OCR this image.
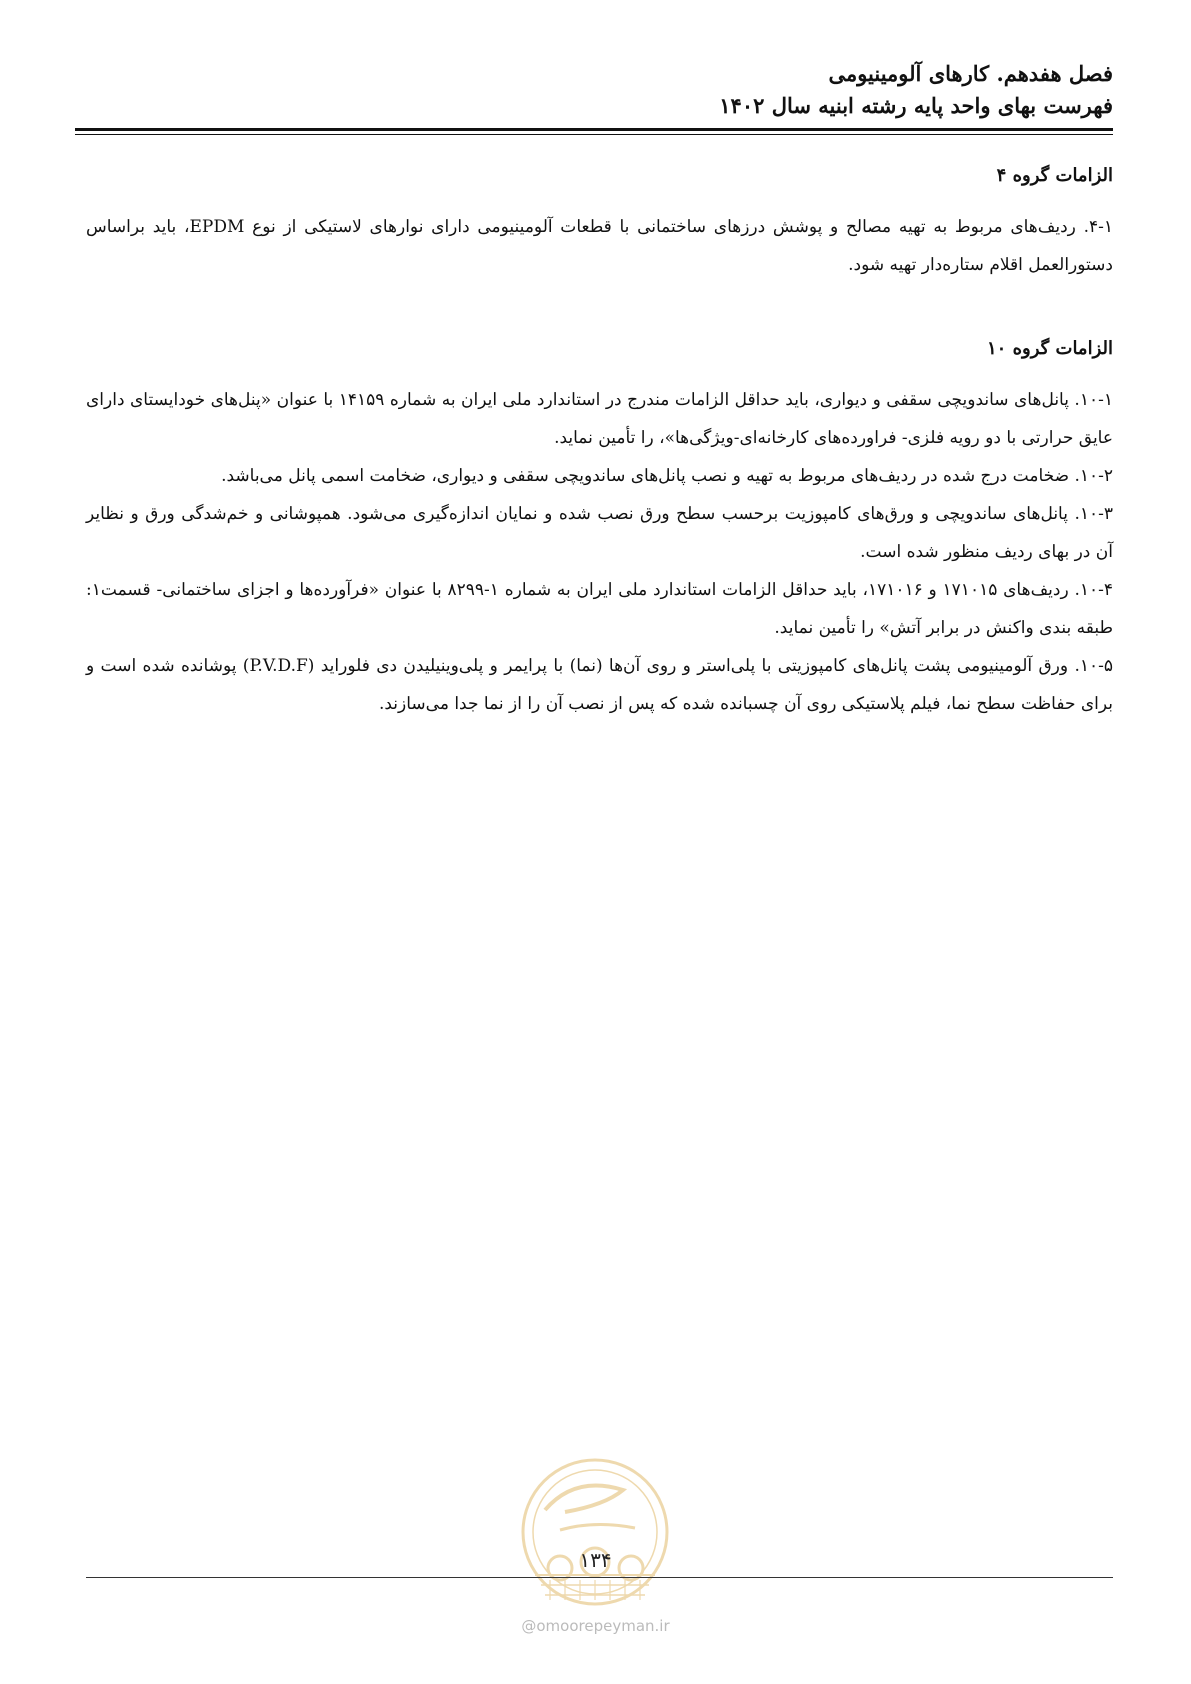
فصل هفدهم. کارهای آلومینیومی
فهرست بهای واحد پایه رشته ابنیه سال ۱۴۰۲
الزامات گروه ۴

۴-۱. ردیف‌های مربوط به تهیه مصالح و پوشش درزهای ساختمانی با قطعات آلومینیومی دارای نوارهای لاستیکی از نوع EPDM، باید براساس دستورالعمل اقلام ستاره‌دار تهیه شود.

الزامات گروه ۱۰

۱۰-۱. پانل‌های ساندویچی سقفی و دیواری، باید حداقل الزامات مندرج در استاندارد ملی ایران به شماره ۱۴۱۵۹ با عنوان «پنل‌های خودایستای دارای عایق حرارتی با دو رویه فلزی- فراورده‌های کارخانه‌ای-ویژگی‌ها»، را تأمین نماید.

۱۰-۲. ضخامت درج شده در ردیف‌های مربوط به تهیه و نصب پانل‌های ساندویچی سقفی و دیواری، ضخامت اسمی پانل می‌باشد.

۱۰-۳. پانل‌های ساندویچی و ورق‌های کامپوزیت برحسب سطح ورق نصب شده و نمایان اندازه‌گیری می‌شود. همپوشانی و خم‌شدگی ورق و نظایر آن در بهای ردیف منظور شده است.

۱۰-۴. ردیف‌های ۱۷۱۰۱۵ و ۱۷۱۰۱۶، باید حداقل الزامات استاندارد ملی ایران به شماره ۱-۸۲۹۹ با عنوان «فرآورده‌ها و اجزای ساختمانی- قسمت۱: طبقه بندی واکنش در برابر آتش» را تأمین نماید.

۱۰-۵. ورق آلومینیومی پشت پانل‌های کامپوزیتی با پلی‌استر و روی آن‌ها (نما) با پرایمر و پلی‌وینیلیدن دی فلوراید (P.V.D.F) پوشانده شده است و برای حفاظت سطح نما، فیلم پلاستیکی روی آن چسبانده شده که پس از نصب آن را از نما جدا می‌سازند.

۱۳۴
@omoorepeyman.ir
